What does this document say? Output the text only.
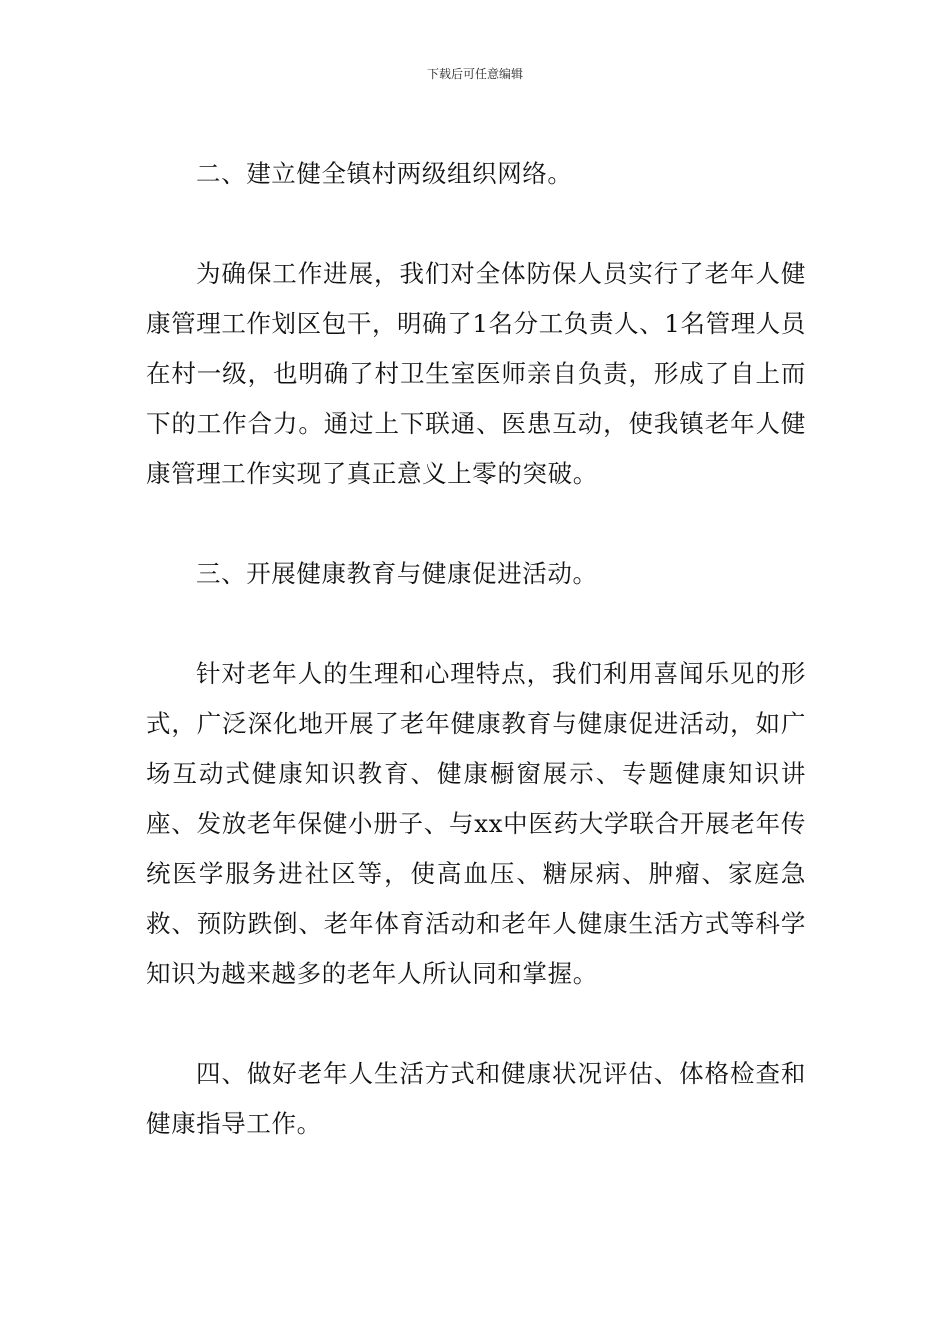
下载后可任意编辑

二、建立健全镇村两级组织网络。

为确保工作进展，我们对全体防保人员实行了老年人健康管理工作划区包干，明确了1名分工负责人、1名管理人员在村一级，也明确了村卫生室医师亲自负责，形成了自上而下的工作合力。通过上下联通、医患互动，使我镇老年人健康管理工作实现了真正意义上零的突破。

三、开展健康教育与健康促进活动。

针对老年人的生理和心理特点，我们利用喜闻乐见的形式，广泛深化地开展了老年健康教育与健康促进活动，如广场互动式健康知识教育、健康橱窗展示、专题健康知识讲座、发放老年保健小册子、与xx中医药大学联合开展老年传统医学服务进社区等，使高血压、糖尿病、肿瘤、家庭急救、预防跌倒、老年体育活动和老年人健康生活方式等科学知识为越来越多的老年人所认同和掌握。

四、做好老年人生活方式和健康状况评估、体格检查和健康指导工作。
